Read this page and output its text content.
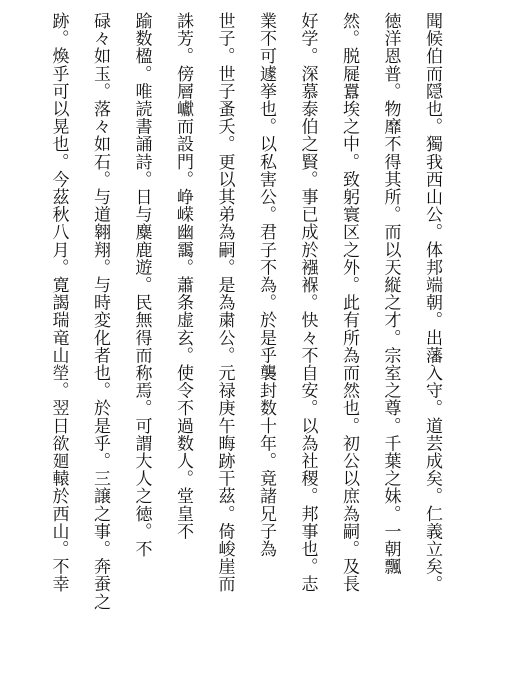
聞候伯而隠也。獨我西山公。体邦端朝。出藩入守。道芸成矣。仁義立矣。
徳洋恩普。物靡不得其所。而以天縦之才。宗室之尊。千葉之妹。一朝飄
然。脱屣囂埃之中。致躬寰区之外。此有所為而然也。初公以庶為嗣。及長
好学。深慕泰伯之賢。事已成於襁褓。快々不自安。以為社稷。邦事也。志
業不可遽挙也。以私害公。君子不為。於是乎襲封数十年。竟諸兄子為
世子。世子蚤夭。更以其弟為嗣。是為粛公。元禄庚午晦跡干茲。倚峻崖而
誅芳。傍層巘而設門。峥嵘幽靄。蕭条虚玄。使令不過数人。堂皇不
踰数楹。唯読書誦詩。日与麋鹿遊。民無得而称焉。可謂大人之徳。不
碌々如玉。落々如石。与道翱翔。与時変化者也。於是乎。三譲之事。奔蚕之
跡。煥乎可以晃也。今茲秋八月。寛謁瑞竜山塋。翌日欲廻轅於西山。不幸
